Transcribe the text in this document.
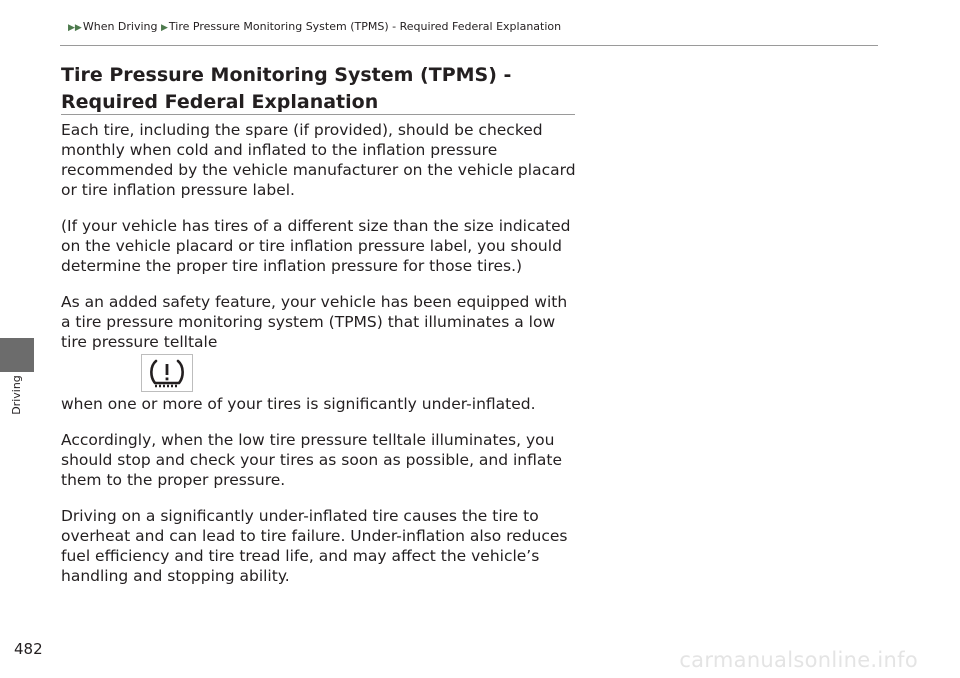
▶▶When Driving ▶Tire Pressure Monitoring System (TPMS) - Required Federal Explanation
Driving
Tire Pressure Monitoring System (TPMS) - Required Federal Explanation

Each tire, including the spare (if provided), should be checked monthly when cold and inflated to the inflation pressure recommended by the vehicle manufacturer on the vehicle placard or tire inflation pressure label.

(If your vehicle has tires of a different size than the size indicated on the vehicle placard or tire inflation pressure label, you should determine the proper tire inflation pressure for those tires.)

As an added safety feature, your vehicle has been equipped with a tire pressure monitoring system (TPMS) that illuminates a low tire pressure telltale

when one or more of your tires is significantly under-inflated.

Accordingly, when the low tire pressure telltale illuminates, you should stop and check your tires as soon as possible, and inflate them to the proper pressure.

Driving on a significantly under-inflated tire causes the tire to overheat and can lead to tire failure. Under-inflation also reduces fuel efficiency and tire tread life, and may affect the vehicle’s handling and stopping ability.

482	carmanualsonline.info
